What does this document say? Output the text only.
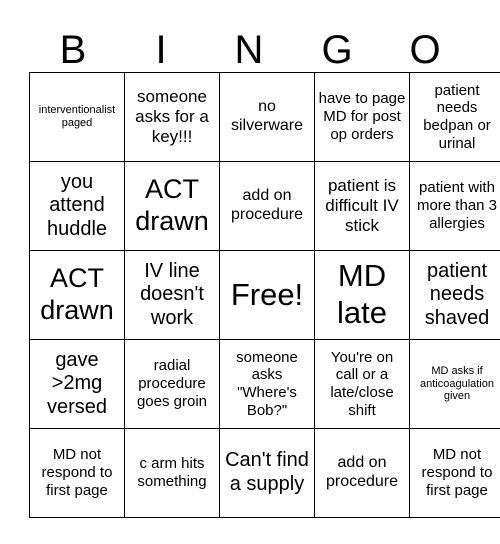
B	I	N	G	O
interventionalist paged	someone asks for a key!!!	no silverware	have to page MD for post op orders	patient needs bedpan or urinal
you attend huddle	ACT drawn	add on procedure	patient is difficult IV stick	patient with more than 3 allergies
ACT drawn	IV line doesn't work	Free!	MD late	patient needs shaved
gave >2mg versed	radial procedure goes groin	someone asks "Where's Bob?"	You're on call or a late/close shift	MD asks if anticoagulation given
MD not respond to first page	c arm hits something	Can't find a supply	add on procedure	MD not respond to first page
